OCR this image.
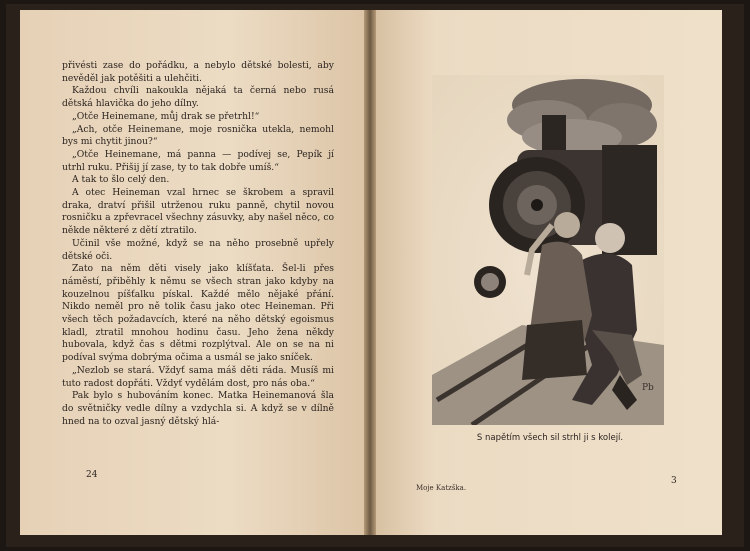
přivésti zase do pořádku, a nebylo dětské bolesti, aby nevěděl jak potěšiti a ulehčiti.

Každou chvíli nakoukla nějaká ta černá nebo rusá dětská hlavička do jeho dílny.

„Otče Heinemane, můj drak se přetrhl!“

„Ach, otče Heinemane, moje rosnička utekla, nemohl bys mi chytit jinou?“

„Otče Heinemane, má panna — podívej se, Pepík jí utrhl ruku. Přišij jí zase, ty to tak dobře umíš.“

A tak to šlo celý den.

A otec Heineman vzal hrnec se škrobem a spravil draka, dratví přišil utrženou ruku panně, chytil novou rosničku a zpřevracel všechny zásuvky, aby našel něco, co někde některé z dětí ztratilo.

Učinil vše možné, když se na něho prosebně upřely dětské oči.

Zato na něm děti visely jako klíšťata. Šel-li přes náměstí, přiběhly k němu se všech stran jako kdyby na kouzelnou píšťalku pískal. Každé mělo nějaké přání. Nikdo neměl pro ně tolik času jako otec Heineman. Při všech těch požadavcích, které na něho dětský egoismus kladl, ztratil mnohou hodinu času. Jeho žena někdy hubovala, když čas s dětmi rozplýtval. Ale on se na ni podíval svýma dobrýma očima a usmál se jako sníček.

„Nezlob se stará. Vždyť sama máš děti ráda. Musíš mi tuto radost dopřáti. Vždyť vydělám dost, pro nás oba.“

Pak bylo s hubováním konec. Matka Heinemanová šla do světničky vedle dílny a vzdychla si. A když se v dílně hned na to ozval jasný dětský hlá-

24
Pb
S napětím všech sil strhl ji s kolejí.
Moje Katzška.
3
